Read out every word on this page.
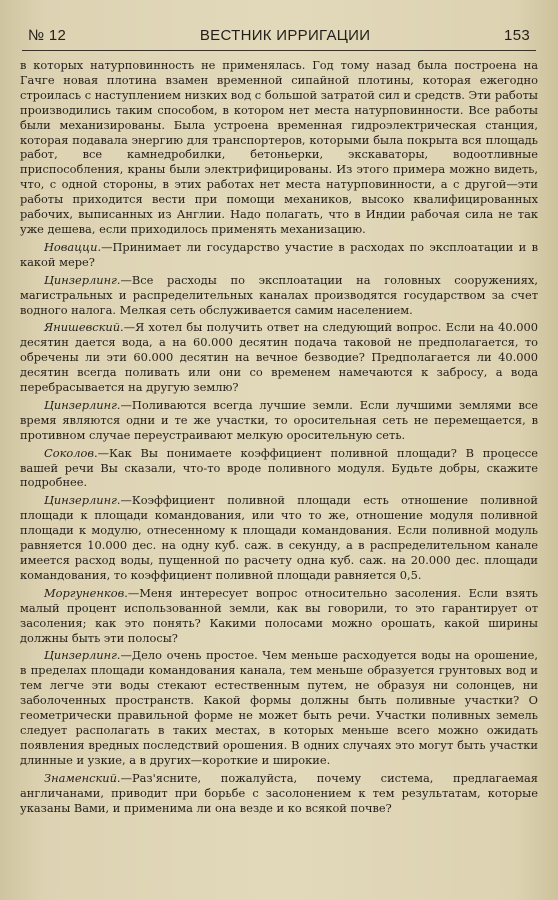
№ 12	ВЕСТНИК ИРРИГАЦИИ	153

в которых натурповинность не применялась. Год тому назад была построена на Гачге новая плотина взамен временной сипайной плотины, которая ежегодно строилась с наступлением низких вод с большой затратой сил и средств. Эти работы производились таким способом, в котором нет места натурповинности. Все работы были механизированы. Была устроена временная гидроэлектрическая станция, которая подавала энергию для транспортеров, которыми была покрыта вся площадь работ, все камнедробилки, бетоньерки, экскаваторы, водоотливные приспособления, краны были электрифицированы. Из этого примера можно видеть, что, с одной стороны, в этих работах нет места натурповинности, а с другой—эти работы приходится вести при помощи механиков, высоко квалифицированных рабочих, выписанных из Англии. Надо полагать, что в Индии рабочая сила не так уже дешева, если приходилось применять механизацию.

Новацци.—Принимает ли государство участие в расходах по эксплоатации и в какой мере?

Цинзерлинг.—Все расходы по эксплоатации на головных сооружениях, магистральных и распределительных каналах производятся государством за счет водного налога. Мелкая сеть обслуживается самим населением.

Янишевский.—Я хотел бы получить ответ на следующий вопрос. Если на 40.000 десятин дается вода, а на 60.000 десятин подача таковой не предполагается, то обречены ли эти 60.000 десятин на вечное безводие? Предполагается ли 40.000 десятин всегда поливать или они со временем намечаются к забросу, а вода перебрасывается на другую землю?

Цинзерлинг.—Поливаются всегда лучшие земли. Если лучшими землями все время являются одни и те же участки, то оросительная сеть не перемещается, в противном случае переустраивают мелкую оросительную сеть.

Соколов.—Как Вы понимаете коэффициент поливной площади? В процессе вашей речи Вы сказали, что-то вроде поливного модуля. Будьте добры, скажите подробнее.

Цинзерлинг.—Коэффициент поливной площади есть отношение поливной площади к площади командования, или что то же, отношение модуля поливной площади к модулю, отнесенному к площади командования. Если поливной модуль равняется 10.000 дес. на одну куб. саж. в секунду, а в распределительном канале имеется расход воды, пущенной по расчету одна куб. саж. на 20.000 дес. площади командования, то коэффициент поливной площади равняется 0,5.

Моргуненков.—Меня интересует вопрос относительно засоления. Если взять малый процент использованной земли, как вы говорили, то это гарантирует от засоления; как это понять? Какими полосами можно орошать, какой ширины должны быть эти полосы?

Цинзерлинг.—Дело очень простое. Чем меньше расходуется воды на орошение, в пределах площади командования канала, тем меньше образуется грунтовых вод и тем легче эти воды стекают естественным путем, не образуя ни солонцев, ни заболоченных пространств. Какой формы должны быть поливные участки? О геометрически правильной форме не может быть речи. Участки поливных земель следует располагать в таких местах, в которых меньше всего можно ожидать появления вредных последствий орошения. В одних случаях это могут быть участки длинные и узкие, а в других—короткие и широкие.

Знаменский.—Раз'ясните, пожалуйста, почему система, предлагаемая англичанами, приводит при борьбе с засолонением к тем результатам, которые указаны Вами, и применима ли она везде и ко всякой почве?
